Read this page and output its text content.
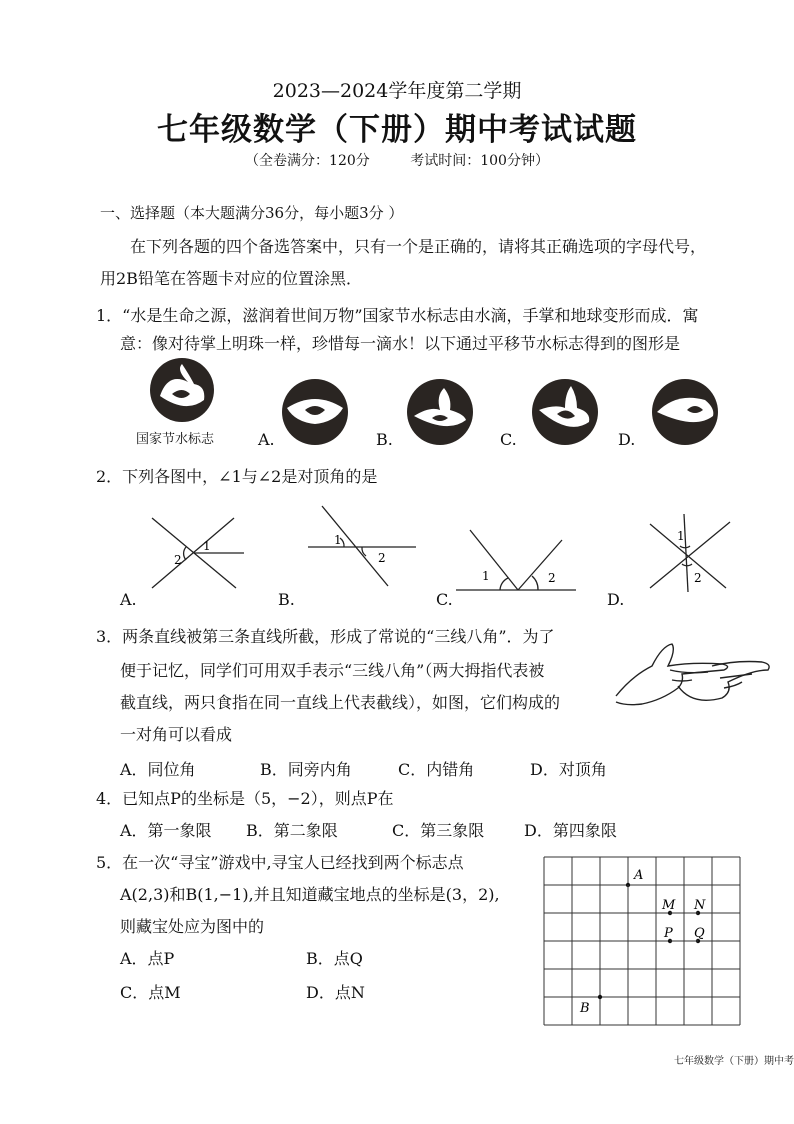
2023—2024学年度第二学期
七年级数学（下册）期中考试试题
（全卷满分：120分	考试时间：100分钟）
一、选择题（本大题满分36分，每小题3分 ）
在下列各题的四个备选答案中，只有一个是正确的，请将其正确选项的字母代号，
用2B铅笔在答题卡对应的位置涂黑．
1．“水是生命之源，滋润着世间万物”国家节水标志由水滴，手掌和地球变形而成．寓
意：像对待掌上明珠一样，珍惜每一滴水！以下通过平移节水标志得到的图形是
国家节水标志	A.	B.	C.	D.
2．下列各图中，∠1与∠2是对顶角的是
2
1	1
2
1	2
1
2
A.	B.	C.	D.
3．两条直线被第三条直线所截，形成了常说的“三线八角”．为了
便于记忆，同学们可用双手表示“三线八角”（两大拇指代表被
截直线，两只食指在同一直线上代表截线），如图，它们构成的
一对角可以看成
A．同位角	B．同旁内角	C．内错角	D．对顶角
4．已知点P的坐标是（5，−2），则点P在
A．第一象限 B．第二象限	C．第三象限 D．第四象限
5．在一次“寻宝”游戏中,寻宝人已经找到两个标志点
A(2,3)和B(1,−1),并且知道藏宝地点的坐标是(3，2),
则藏宝处应为图中的
A．点P	B．点Q
C．点M	D．点N
A
B
M N
P Q
七年级数学（下册）期中考
